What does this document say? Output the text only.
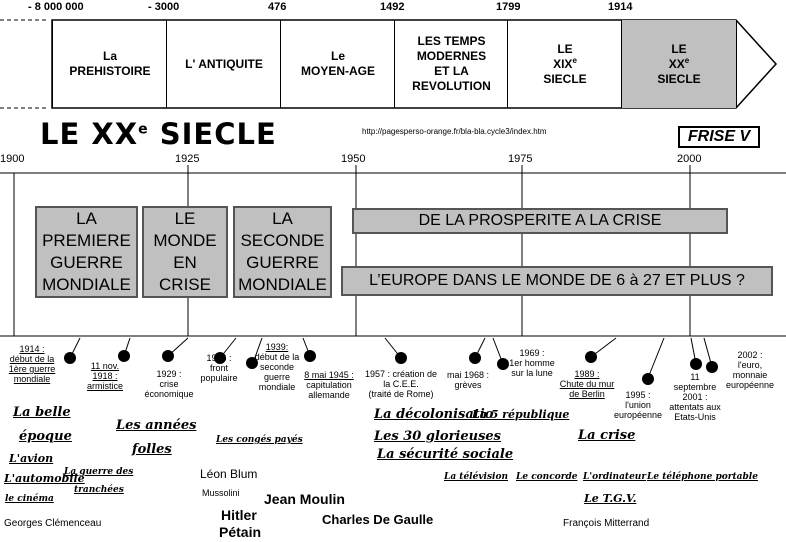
- 8 000 000	- 3000	476	1492	1799	1914
La
PREHISTOIRE
L' ANTIQUITE
Le
MOYEN-AGE
LES TEMPS
MODERNES
ET LA
REVOLUTION
LE
XIXe
SIECLE
LE
XXe
SIECLE
LE XXe SIECLE	http://pagesperso-orange.fr/bla-bla.cycle3/index.htm	FRISE V
1900	1925	1950	1975	2000
LA
PREMIERE
GUERRE
MONDIALE
LE
MONDE
EN
CRISE
LA
SECONDE
GUERRE
MONDIALE
DE LA PROSPERITE A LA CRISE
L’EUROPE DANS LE MONDE DE 6 à 27 ET PLUS ?
1914 :
début de la 1ère guerre mondiale
11 nov. 1918 :
armistice
1929 :
crise
économique
1936 :
front
populaire
1939:
début de la seconde guerre mondiale
8 mai 1945 :
capitulation allemande
1957 : création de
la C.E.E.
(traité de Rome)
mai 1968 :
grèves
1969 :
1er homme
sur la lune	1989 :
Chute du mur de Berlin	1995 :
l'union
européenne
11
septembre
2001 :
attentats aux
Etats-Unis
2002 :
l'euro,
monnaie
européenne
La belle
époque
L'avion
L'automobile
le cinéma
La guerre des
tranchées
Les années
folles
Les congés payés
La décolonisatio
La 5 république
Les 30 glorieuses
La sécurité sociale
La crise
La télévision Le concorde L'ordinateur Le téléphone portable
Le T.G.V.
Georges Clémenceau
Léon Blum
Mussolini Jean Moulin
Hitler
Pétain
Charles De Gaulle	François Mitterrand
